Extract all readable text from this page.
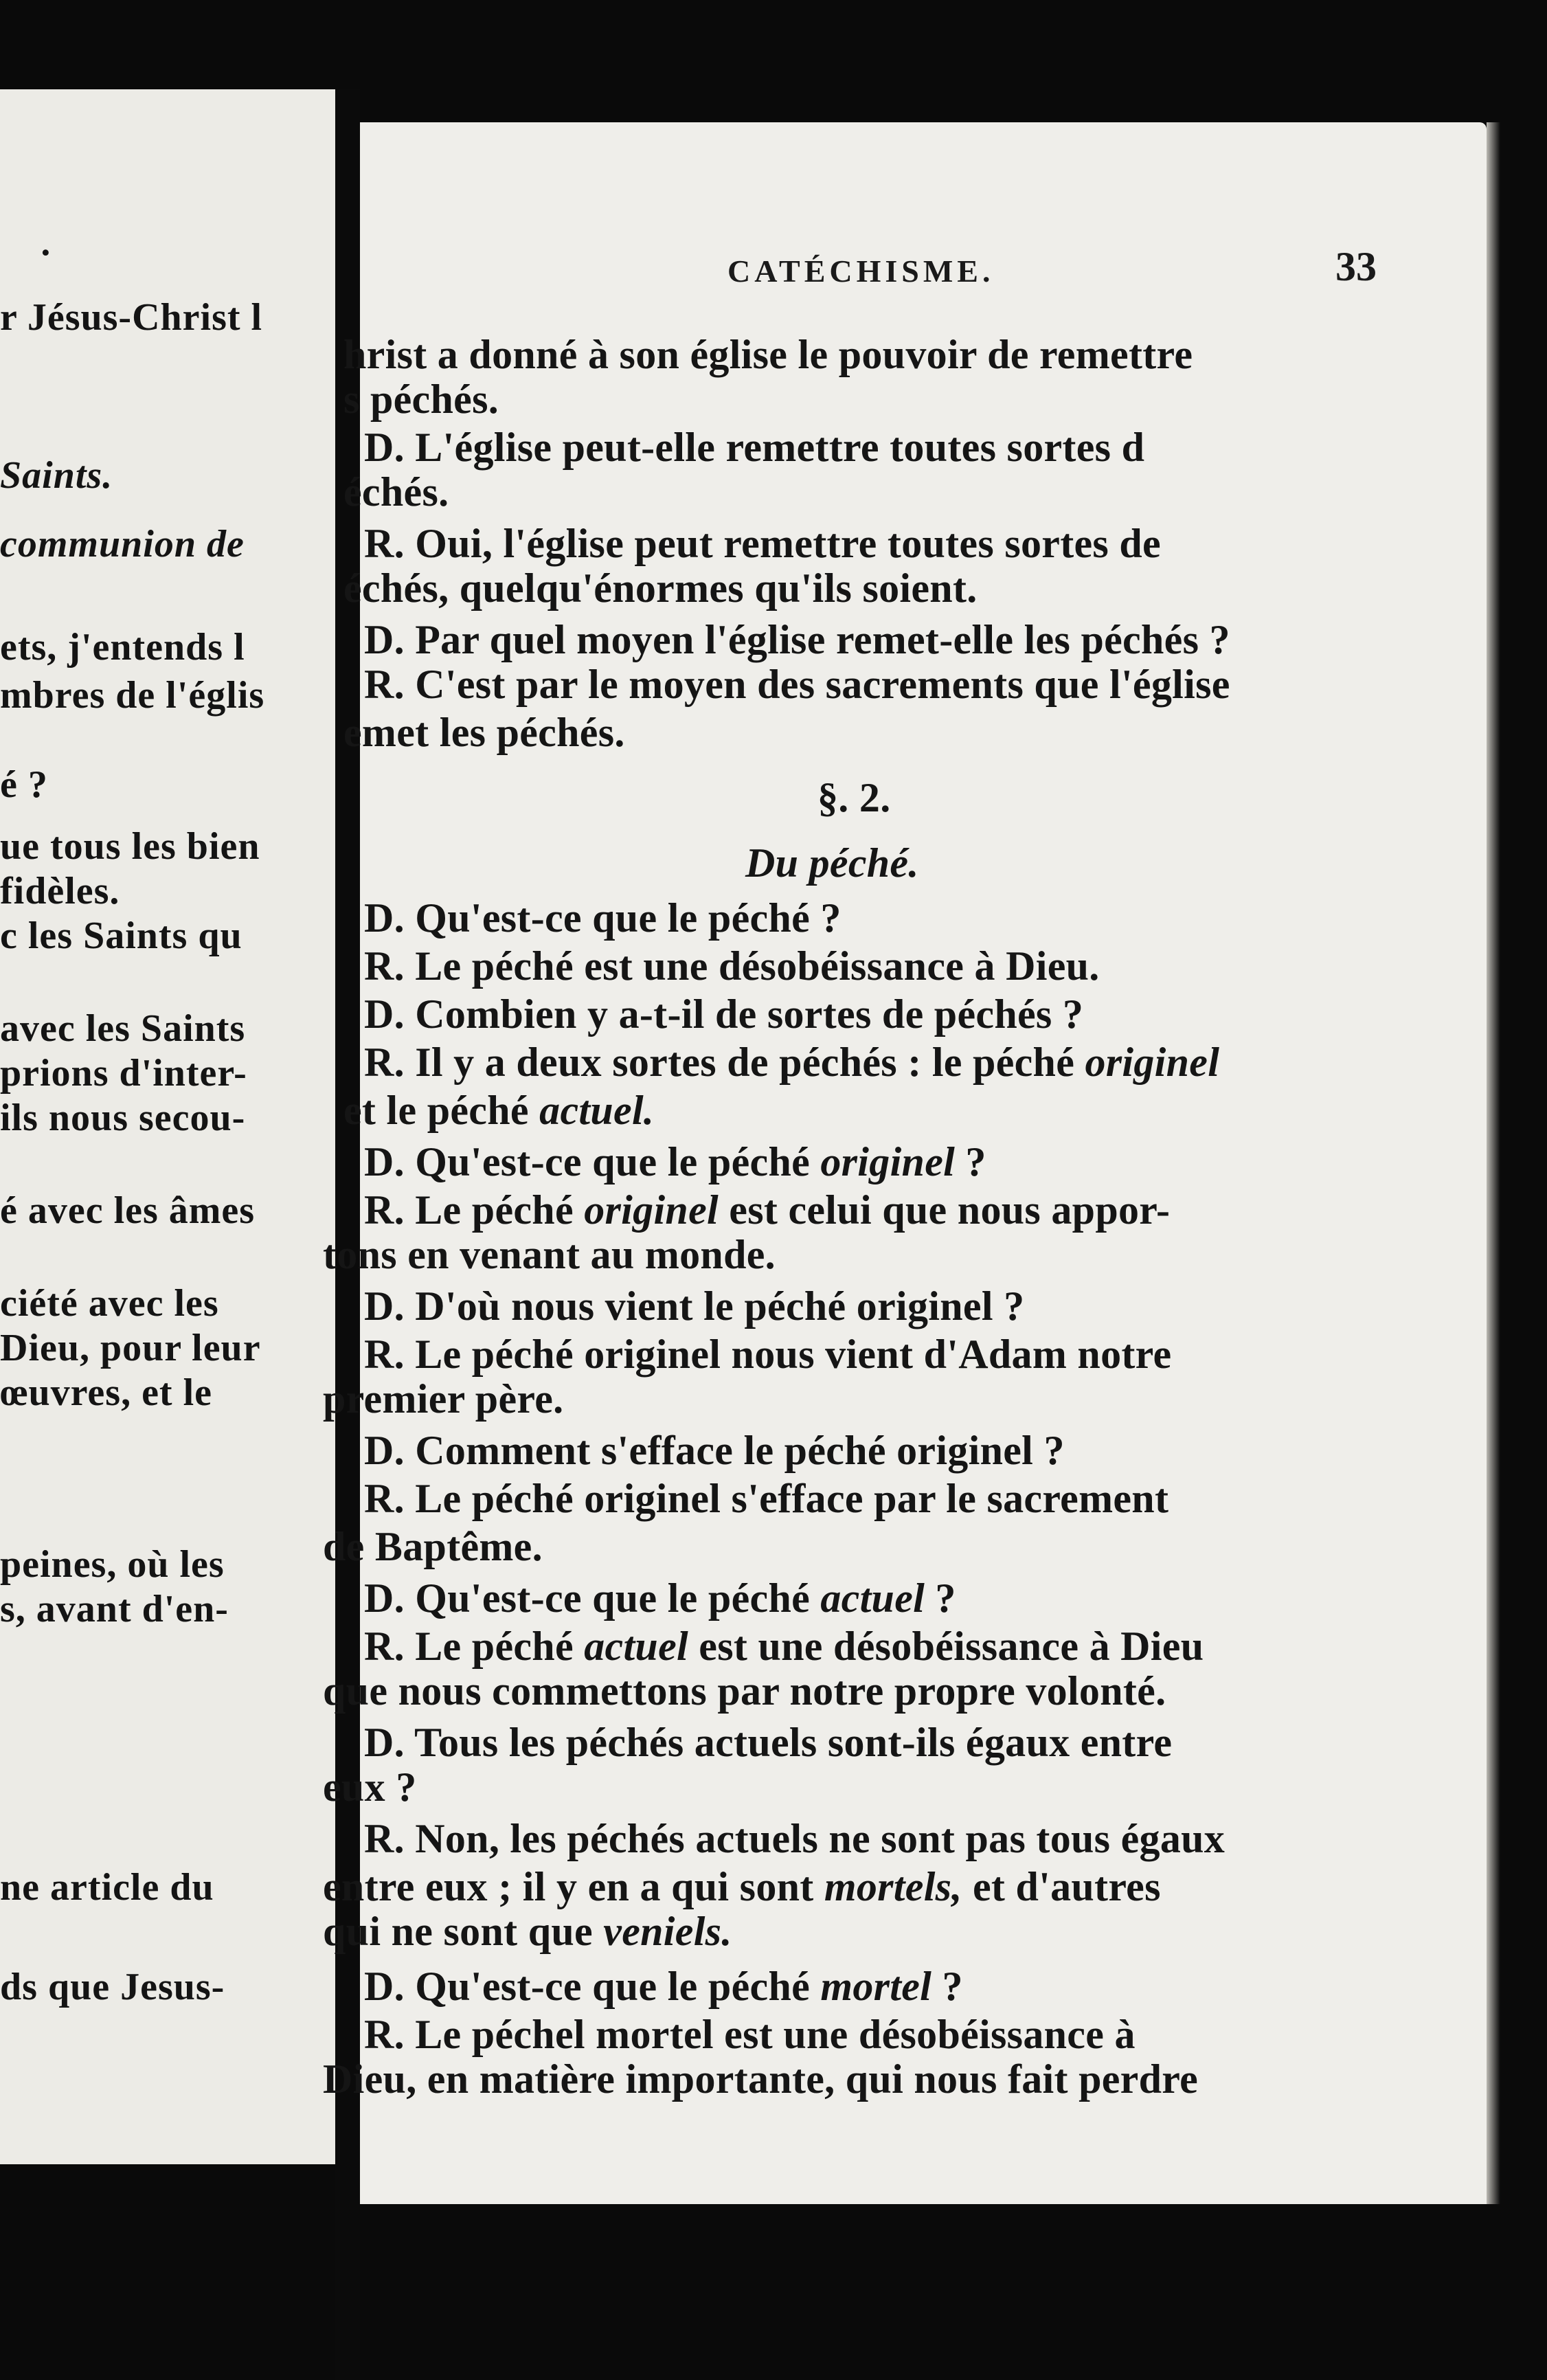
·
r Jésus-Christ l
Saints.
communion de
ets, j'entends l
mbres de l'églis
é ?
ue tous les bien
fidèles.
c les Saints qu
avec les Saints
prions d'inter-
ils nous secou-
é avec les âmes
ciété avec les
Dieu, pour leur
œuvres, et le
peines, où les
s, avant d'en-
ne article du
ds que Jesus-
CATÉCHISME.	33
hrist a donné à son église le pouvoir de remettre
s péchés.
D. L'église peut-elle remettre toutes sortes d
échés.
R. Oui, l'église peut remettre toutes sortes de
échés, quelqu'énormes qu'ils soient.
D. Par quel moyen l'église remet-elle les péchés ?
R. C'est par le moyen des sacrements que l'église
emet les péchés.
§. 2.
Du péché.
D. Qu'est-ce que le péché ?
R. Le péché est une désobéissance à Dieu.
D. Combien y a-t-il de sortes de péchés ?
R. Il y a deux sortes de péchés : le péché originel
et le péché actuel.
D. Qu'est-ce que le péché originel ?
R. Le péché originel est celui que nous appor-
tons en venant au monde.
D. D'où nous vient le péché originel ?
R. Le péché originel nous vient d'Adam notre
premier père.
D. Comment s'efface le péché originel ?
R. Le péché originel s'efface par le sacrement
de Baptême.
D. Qu'est-ce que le péché actuel ?
R. Le péché actuel est une désobéissance à Dieu
que nous commettons par notre propre volonté.
D. Tous les péchés actuels sont-ils égaux entre
eux ?
R. Non, les péchés actuels ne sont pas tous égaux
entre eux ; il y en a qui sont mortels, et d'autres
qui ne sont que veniels.
D. Qu'est-ce que le péché mortel ?
R. Le péchel mortel est une désobéissance à
Dieu, en matière importante, qui nous fait perdre
